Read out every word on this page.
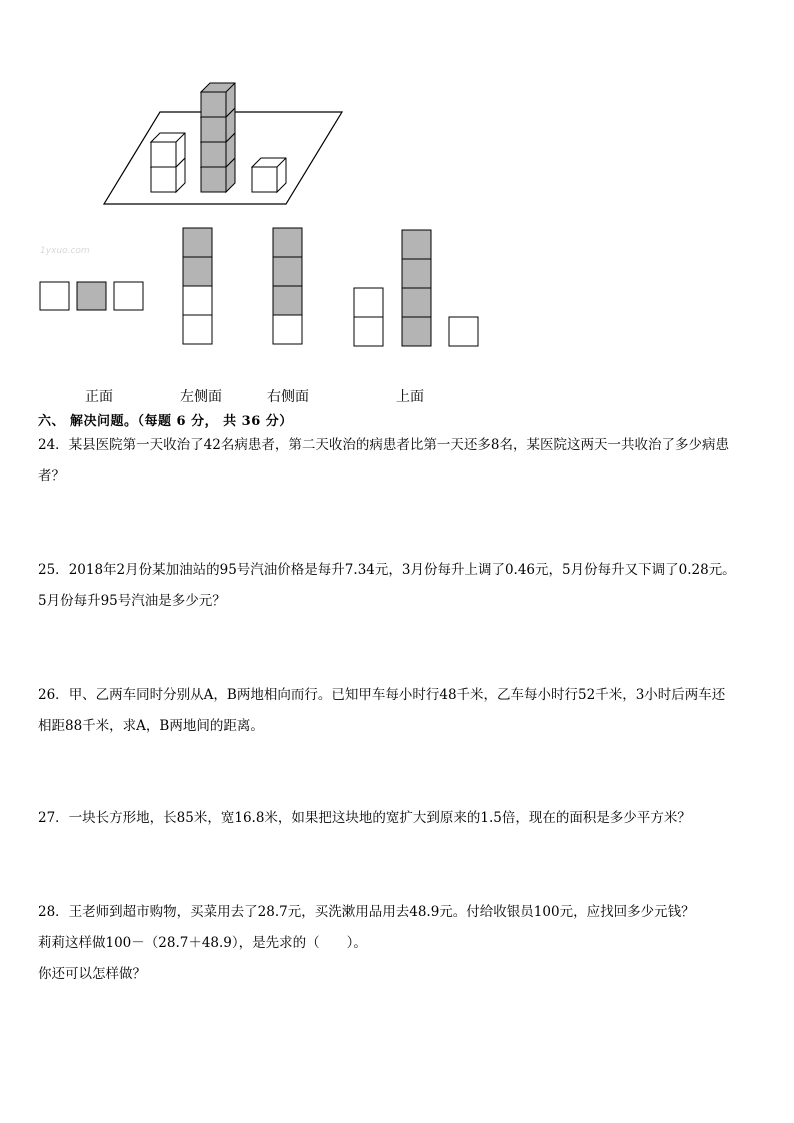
1yxuo.com
正面	左侧面	右侧面	上面
六、 解决问题。（每题 6 分， 共 36 分）
24．某县医院第一天收治了42名病患者，第二天收治的病患者比第一天还多8名，某医院这两天一共收治了多少病患
者？
25．2018年2月份某加油站的95号汽油价格是每升7.34元，3月份每升上调了0.46元，5月份每升又下调了0.28元。
5月份每升95号汽油是多少元？
26．甲、乙两车同时分别从A，B两地相向而行。已知甲车每小时行48千米，乙车每小时行52千米，3小时后两车还
相距88千米，求A，B两地间的距离。
27．一块长方形地，长85米，宽16.8米，如果把这块地的宽扩大到原来的1.5倍，现在的面积是多少平方米？
28．王老师到超市购物，买菜用去了28.7元，买洗漱用品用去48.9元。付给收银员100元，应找回多少元钱？
莉莉这样做100－（28.7＋48.9），是先求的（　　）。
你还可以怎样做？
